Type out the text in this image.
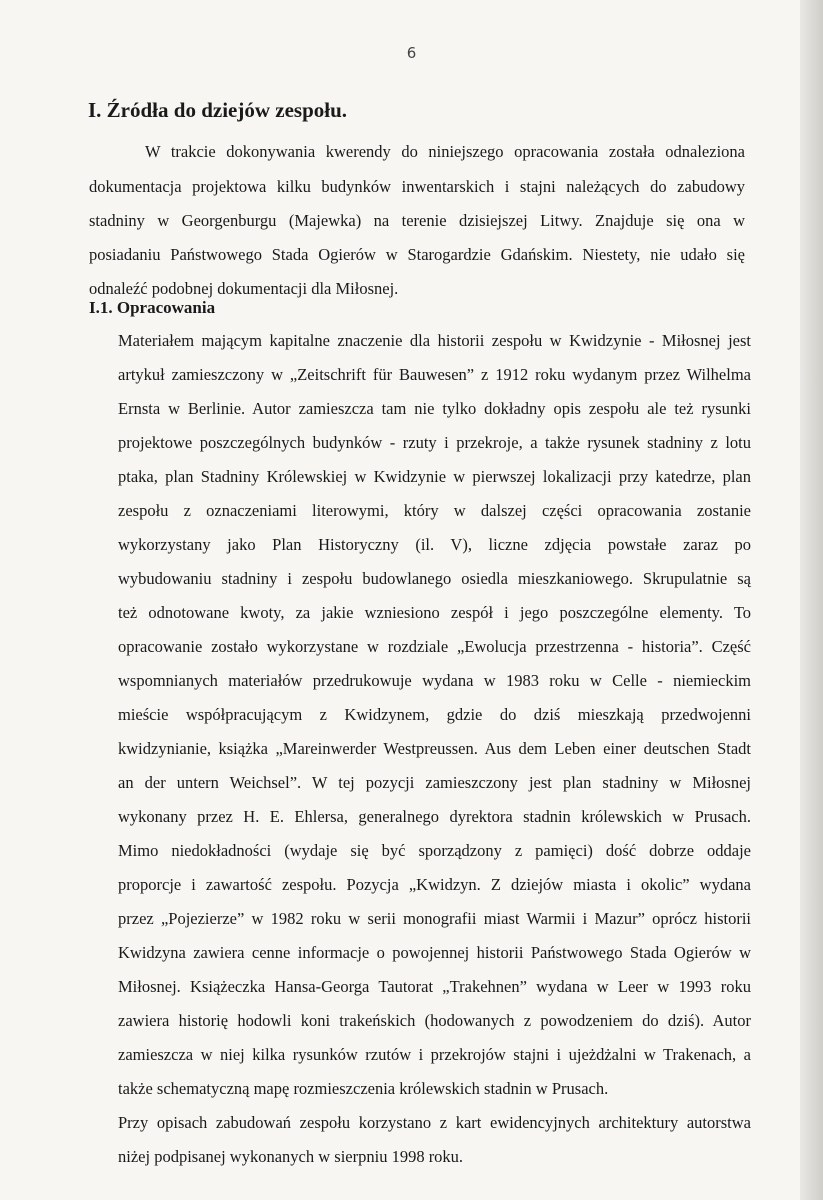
6
I. Źródła do dziejów zespołu.

W trakcie dokonywania kwerendy do niniejszego opracowania została odnaleziona

dokumentacja projektowa kilku budynków inwentarskich i stajni należących do zabudowy

stadniny w Georgenburgu (Majewka) na terenie dzisiejszej Litwy. Znajduje się ona w

posiadaniu Państwowego Stada Ogierów w Starogardzie Gdańskim. Niestety, nie udało się

odnaleźć podobnej dokumentacji dla Miłosnej.

I.1. Opracowania

Materiałem mającym kapitalne znaczenie dla historii zespołu w Kwidzynie - Miłosnej jest

artykuł zamieszczony w „Zeitschrift für Bauwesen” z 1912 roku wydanym przez Wilhelma

Ernsta w Berlinie. Autor zamieszcza tam nie tylko dokładny opis zespołu ale też rysunki

projektowe poszczególnych budynków - rzuty i przekroje, a także rysunek stadniny z lotu

ptaka, plan Stadniny Królewskiej w Kwidzynie w pierwszej lokalizacji przy katedrze, plan

zespołu z oznaczeniami literowymi, który w dalszej części opracowania zostanie

wykorzystany jako Plan Historyczny (il. V), liczne zdjęcia powstałe zaraz po

wybudowaniu stadniny i zespołu budowlanego osiedla mieszkaniowego. Skrupulatnie są

też odnotowane kwoty, za jakie wzniesiono zespół i jego poszczególne elementy. To

opracowanie zostało wykorzystane w rozdziale „Ewolucja przestrzenna - historia”. Część

wspomnianych materiałów przedrukowuje wydana w 1983 roku w Celle - niemieckim

mieście współpracującym z Kwidzynem, gdzie do dziś mieszkają przedwojenni

kwidzynianie, książka „Mareinwerder Westpreussen. Aus dem Leben einer deutschen Stadt

an der untern Weichsel”. W tej pozycji zamieszczony jest plan stadniny w Miłosnej

wykonany przez H. E. Ehlersa, generalnego dyrektora stadnin królewskich w Prusach.

Mimo niedokładności (wydaje się być sporządzony z pamięci) dość dobrze oddaje

proporcje i zawartość zespołu. Pozycja „Kwidzyn. Z dziejów miasta i okolic” wydana

przez „Pojezierze” w 1982 roku w serii monografii miast Warmii i Mazur” oprócz historii

Kwidzyna zawiera cenne informacje o powojennej historii Państwowego Stada Ogierów w

Miłosnej. Książeczka Hansa-Georga Tautorat „Trakehnen” wydana w Leer w 1993 roku

zawiera historię hodowli koni trakeńskich (hodowanych z powodzeniem do dziś). Autor

zamieszcza w niej kilka rysunków rzutów i przekrojów stajni i ujeżdżalni w Trakenach, a

także schematyczną mapę rozmieszczenia królewskich stadnin w Prusach.

Przy opisach zabudowań zespołu korzystano z kart ewidencyjnych architektury autorstwa

niżej podpisanej wykonanych w sierpniu 1998 roku.
